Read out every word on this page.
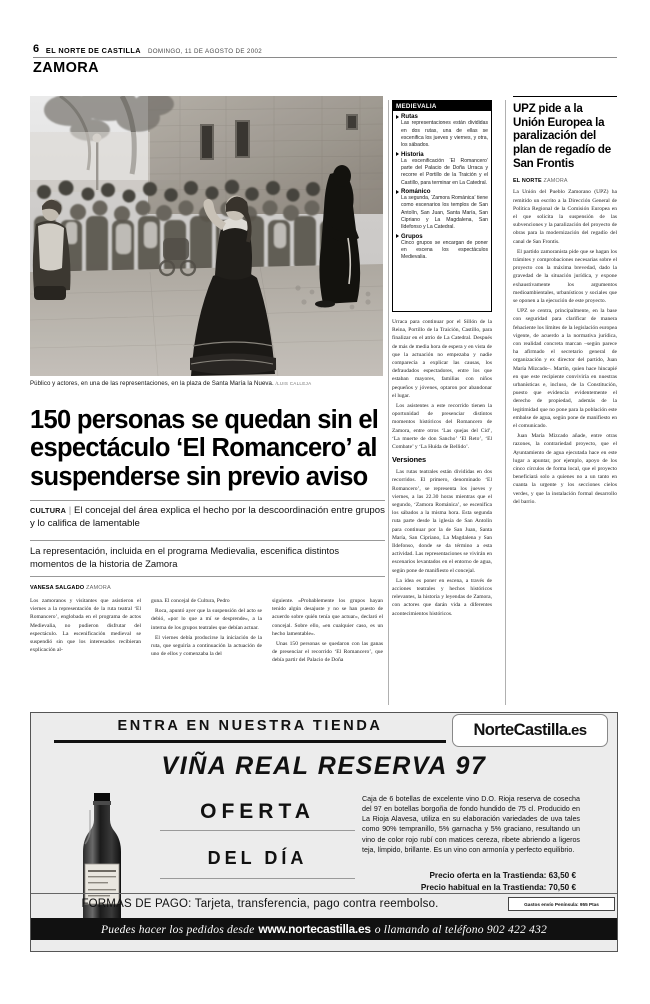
6 EL NORTE DE CASTILLA DOMINGO, 11 DE AGOSTO DE 2002
ZAMORA
Público y actores, en una de las representaciones, en la plaza de Santa María la Nueva. /LUIS CALLEJA
150 personas se quedan sin el espectáculo ‘El Romancero’ al suspenderse sin previo aviso
CULTURA | El concejal del área explica el hecho por la descoordinación entre grupos y lo califica de lamentable
La representación, incluida en el programa Medievalia, escenifica distintos momentos de la historia de Zamora
VANESA SALGADO ZAMORA

Los zamoranos y visitantes que asistieron el viernes a la representación de la ruta teatral ‘El Romancero’, englobada en el programa de actos Medievalia, no pudieron disfrutar del espectáculo. La escenificación medieval se suspendió sin que los interesados recibieran explicación al-

guna. El concejal de Cultura, Pedro

Roca, apuntó ayer que la suspensión del acto se debió, «por lo que a mí se desprende», a la interna de los grupos teatrales que debían actuar.

El viernes debía producirse la iniciación de la ruta, que seguiría a continuación la actuación de uno de ellos y comenzaba la del

siguiente. «Probablemente los grupos hayan tenido algún desajuste y no se han puesto de acuerdo sobre quién tenía que actuar», declaró el concejal. Sobre ello, «en cualquier caso, es un hecho lamentable».

Unas 150 personas se quedaron con las ganas de presenciar el recorrido ‘El Romancero’, que debía partir del Palacio de Doña

MEDIEVALIA
Rutas
Las representaciones están divididas en dos rutas, una de ellas se escenifica los jueves y viernes, y otra, los sábados.
Historia
La escenificación ‘El Romancero’ parte del Palacio de Doña Urraca y recorre el Portillo de la Traición y el Castillo, para terminar en La Catedral.
Románico
La segunda, ‘Zamora Románica’ tiene como escenarios los templos de San Antolín, San Juan, Santa María, San Cipriano y La Magdalena, San Ildefonso y La Catedral.
Grupos
Cinco grupos se encargan de poner en escena los espectáculos Medievalia.

Urraca para continuar por el Sillón de la Reina, Portillo de la Traición, Castillo, para finalizar en el atrio de La Catedral. Después de más de media hora de espera y en vista de que la actuación no empezaba y nadie comparecía a explicar las causas, los defraudados espectadores, entre los que estaban mayores, familias con niños pequeños y jóvenes, optaron por abandonar el lugar.

Los asistentes a este recorrido tienen la oportunidad de presenciar distintos momentos históricos del Romancero de Zamora, entre otros ‘Las quejas del Cid’, ‘La muerte de don Sancho’ ‘El Reto’, ‘El Combate’ y ‘La Huída de Bellido’.

Versiones

Las rutas teatrales están divididas en dos recorridos. El primero, denominado ‘El Romancero’, se representa los jueves y viernes, a las 22.30 horas mientras que el segundo, ‘Zamora Románica’, se escenifica los sábados a la misma hora. Esta segunda ruta parte desde la iglesia de San Antolín para continuar por la de San Juan, Santa María, San Cipriano, La Magdalena y San Ildefonso, donde se da término a esta actividad. Las representaciones se vivirán en escenarios levantados en el entorno de agua, según pone de manifiesto el concejal.

La idea es poner en escena, a través de acciones teatrales y hechos históricos relevantes, la historia y leyendas de Zamora, con actores que darán vida a diferentes acontecimientos históricos.

UPZ pide a la Unión Europea la paralización del plan de regadío de San Frontis
EL NORTE ZAMORA

La Unión del Pueblo Zamorano (UPZ) ha remitido un escrito a la Dirección General de Política Regional de la Comisión Europea en el que solicita la suspensión de las subvenciones y la paralización del proyecto de obras para la modernización del regadío del canal de San Frontis.

El partido zamoranista pide que se hagan los trámites y comprobaciones necesarias sobre el proyecto con la máxima brevedad, dado la gravedad de la situación jurídica, y expone exhaustivamente los argumentos medioambientales, urbanísticos y sociales que se oponen a la ejecución de este proyecto.

UPZ se centra, principalmente, en la base con seguridad para clarificar de manera fehaciente los límites de la legislación europea vigente, de acuerdo a la normativa jurídica, con realidad concreta marcan –según parece ha afirmado el secretario general de organización y ex director del partido, Juan María Mizcado–. Martín, quien hace hincapié en que este recipiente conviviría en nuestras urbanísticas e, incluso, de la Constitución, puesto que evidencia evidentemente el derecho de propiedad, además de la legitimidad que no pone para la población este embalse de agua, según pone de manifiesto en el comunicado.

Juan María Mizcado añade, entre otras razones, la contrariedad proyecto, que el Ayuntamiento de agua ejecutada hace en este lugar a apuntar, por ejemplo, apoyo de los cinco círculos de forma local, que el proyecto beneficiará solo a quienes no a un tanto en cuanta la urgente y los secciones cielos verdes, y que la instalación formal desarrollo del barrio.

ENTRA EN NUESTRA TIENDA	NorteCastilla.es
VIÑA REAL RESERVA 97
OFERTA
DEL DÍA
Caja de 6 botellas de excelente vino D.O. Rioja reserva de cosecha del 97 en botellas borgoña de fondo hundido de 75 cl. Producido en La Rioja Alavesa, utiliza en su elaboración variedades de uva tales como 90% tempranillo, 5% garnacha y 5% graciano, resultando un vino de color rojo rubí con matices cereza, ribete abriendo a ligeros teja, límpido, brillante. Es un vino con armonía y perfecto equilibrio.
Precio oferta en la Trastienda: 63,50 €
Precio habitual en la Trastienda: 70,50 €
FORMAS DE PAGO: Tarjeta, transferencia, pago contra reembolso.	Gastos envío Península: 955 Ptas
Puedes hacer los pedidos desde www.nortecastilla.es o llamando al teléfono 902 422 432
